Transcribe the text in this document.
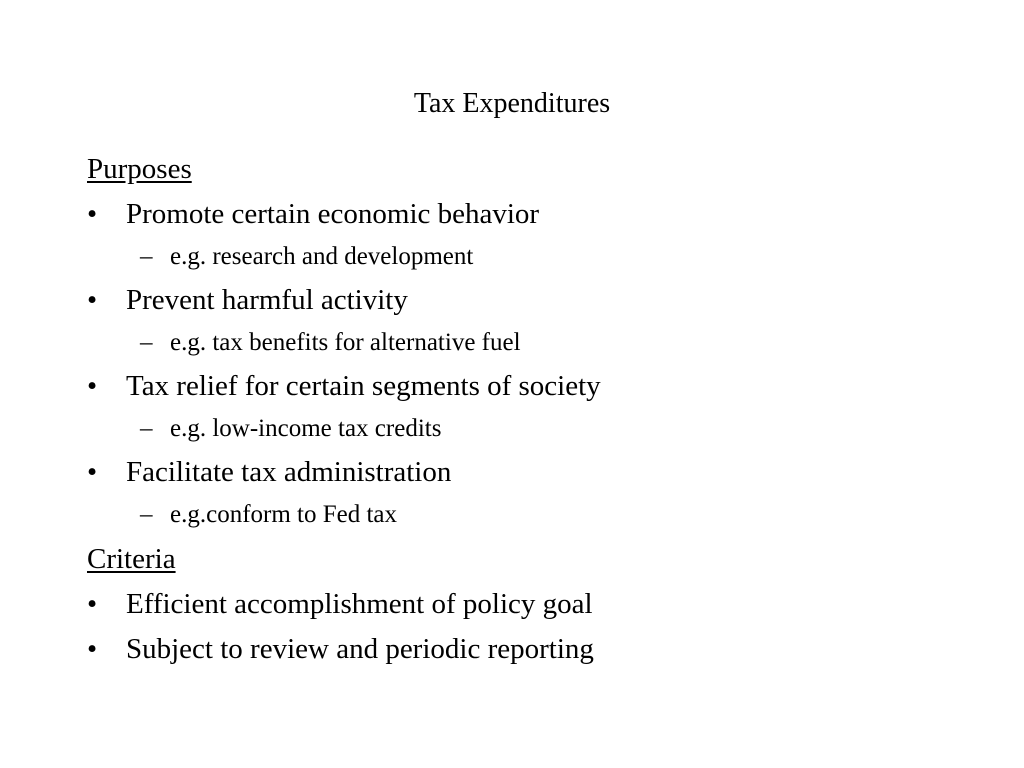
Tax Expenditures
Purposes
• Promote certain economic behavior
– e.g. research and development
• Prevent harmful activity
– e.g. tax benefits for alternative fuel
• Tax relief for certain segments of society
– e.g. low-income tax credits
• Facilitate tax administration
– e.g.conform to Fed tax
Criteria
• Efficient accomplishment of policy goal
• Subject to review and periodic reporting
